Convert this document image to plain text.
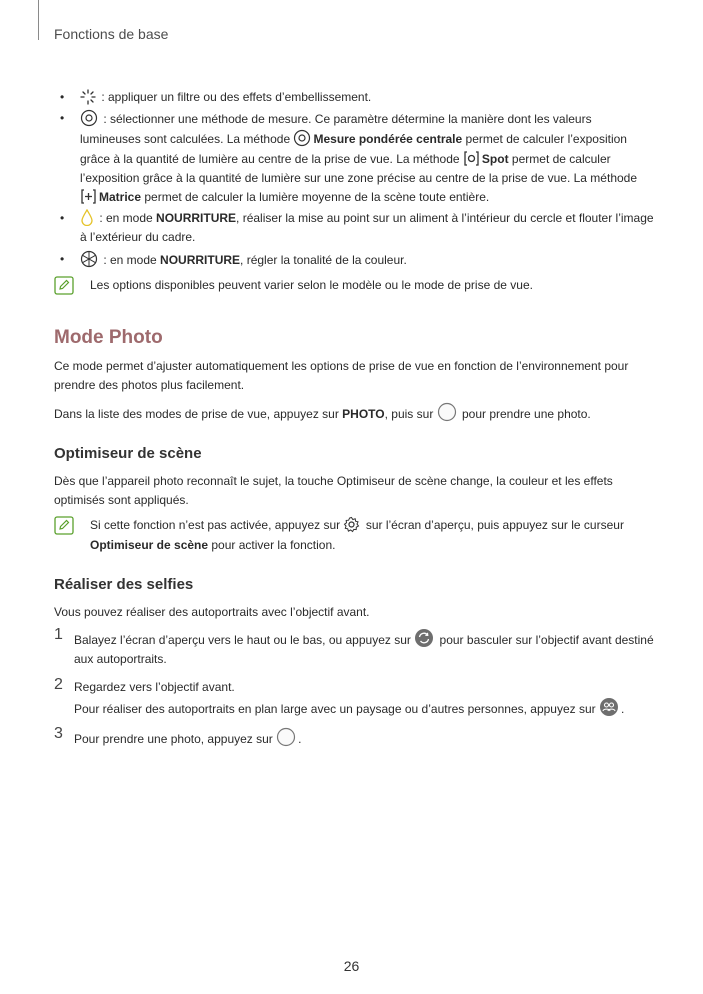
Fonctions de base
•	: appliquer un filtre ou des effets d’embellissement.
•	: sélectionner une méthode de mesure. Ce paramètre détermine la manière dont les valeurs lumineuses sont calculées. La méthode
Mesure pondérée centrale permet de calculer l’exposition grâce à la quantité de lumière au centre de la prise de vue. La méthode
Spot permet de calculer l’exposition grâce à la quantité de lumière sur une zone précise au centre de la prise de vue. La méthode
Matrice permet de calculer la lumière moyenne de la scène toute entière.
•	: en mode NOURRITURE, réaliser la mise au point sur un aliment à l’intérieur du cercle et flouter l’image à l’extérieur du cadre.
•	: en mode NOURRITURE, régler la tonalité de la couleur.
Les options disponibles peuvent varier selon le modèle ou le mode de prise de vue.
Mode Photo

Ce mode permet d’ajuster automatiquement les options de prise de vue en fonction de l’environnement pour prendre des photos plus facilement.

Dans la liste des modes de prise de vue, appuyez sur PHOTO, puis sur
pour prendre une photo.

Optimiseur de scène

Dès que l’appareil photo reconnaît le sujet, la touche Optimiseur de scène change, la couleur et les effets optimisés sont appliqués.

Si cette fonction n’est pas activée, appuyez sur
sur l’écran d’aperçu, puis appuyez sur le curseur Optimiseur de scène pour activer la fonction.
Réaliser des selfies

Vous pouvez réaliser des autoportraits avec l’objectif avant.

1 Balayez l’écran d’aperçu vers le haut ou le bas, ou appuyez sur
pour basculer sur l’objectif avant destiné aux autoportraits.
2 Regardez vers l’objectif avant.
Pour réaliser des autoportraits en plan large avec un paysage ou d’autres personnes, appuyez sur
.
3 Pour prendre une photo, appuyez sur
.
26
